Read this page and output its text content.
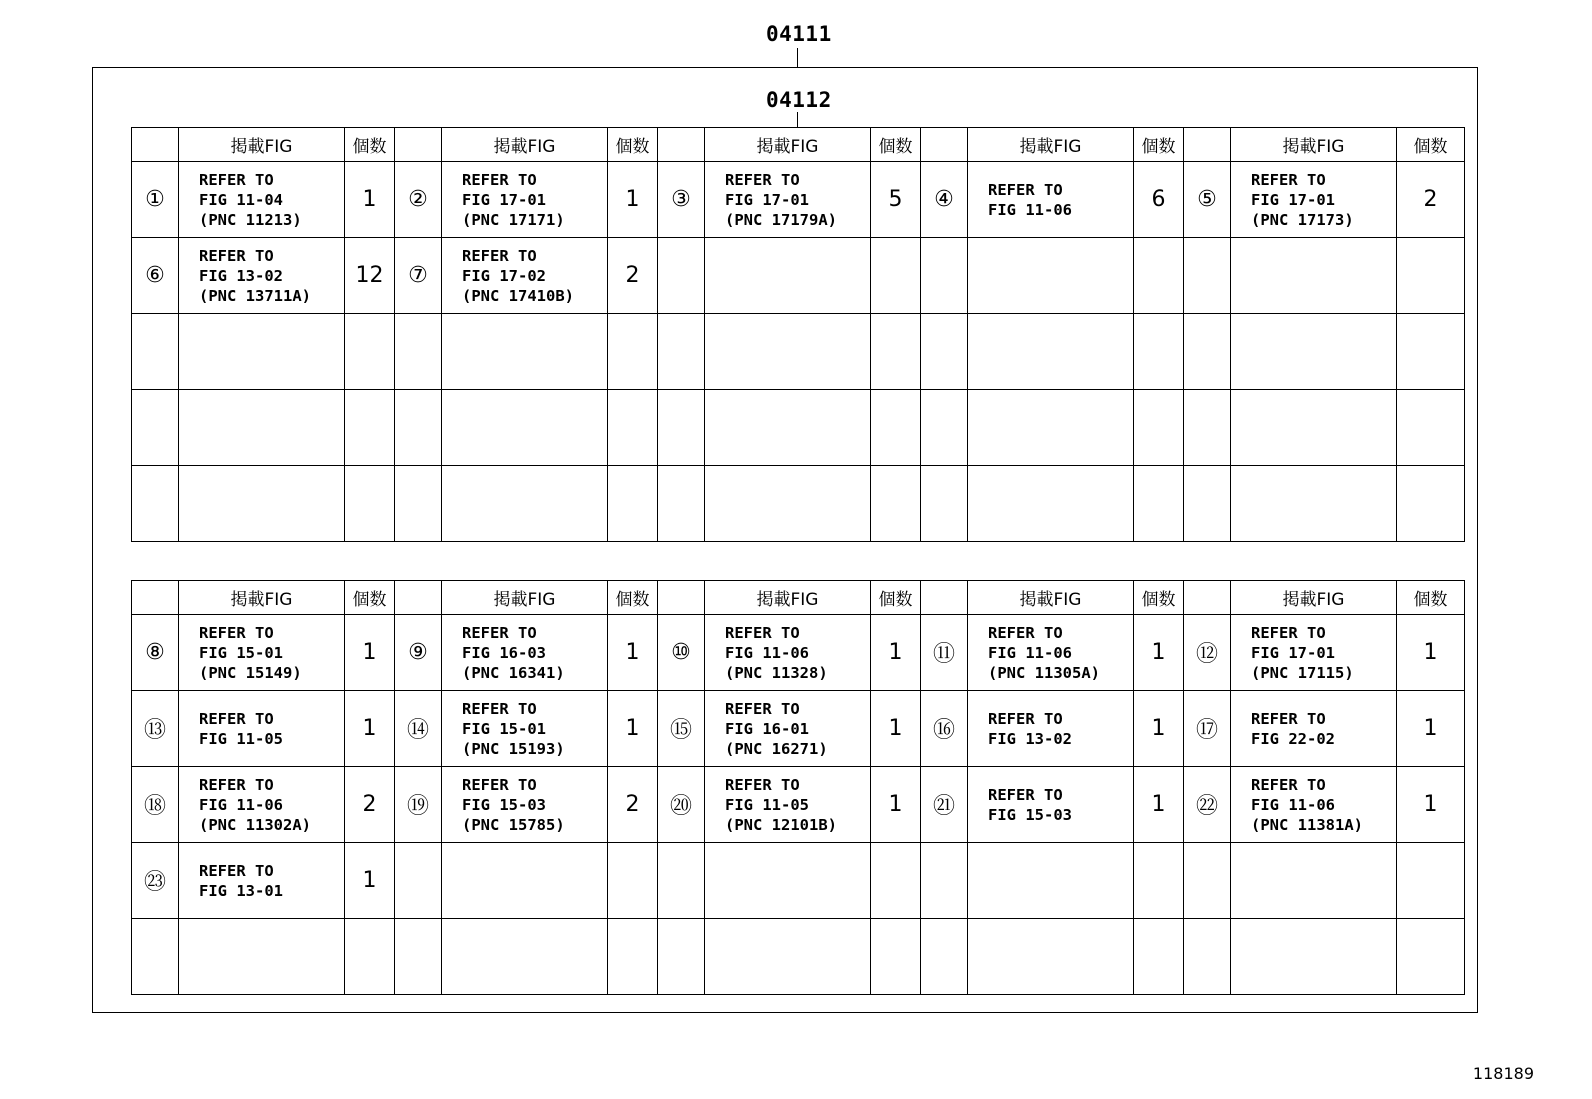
04111
04112
	掲載FIG	個数		掲載FIG	個数		掲載FIG	個数		掲載FIG	個数		掲載FIG	個数
①	REFER TO
FIG 11-04
(PNC 11213)	1	②	REFER TO
FIG 17-01
(PNC 17171)	1	③	REFER TO
FIG 17-01
(PNC 17179A)	5	④	REFER TO
FIG 11-06	6	⑤	REFER TO
FIG 17-01
(PNC 17173)	2
⑥	REFER TO
FIG 13-02
(PNC 13711A)	12	⑦	REFER TO
FIG 17-02
(PNC 17410B)	2		

	掲載FIG	個数		掲載FIG	個数		掲載FIG	個数		掲載FIG	個数		掲載FIG	個数
⑧	REFER TO
FIG 15-01
(PNC 15149)	1	⑨	REFER TO
FIG 16-03
(PNC 16341)	1	⑩	REFER TO
FIG 11-06
(PNC 11328)	1	⑪	REFER TO
FIG 11-06
(PNC 11305A)	1	⑫	REFER TO
FIG 17-01
(PNC 17115)	1
⑬	REFER TO
FIG 11-05	1	⑭	REFER TO
FIG 15-01
(PNC 15193)	1	⑮	REFER TO
FIG 16-01
(PNC 16271)	1	⑯	REFER TO
FIG 13-02	1	⑰	REFER TO
FIG 22-02	1
⑱	REFER TO
FIG 11-06
(PNC 11302A)	2	⑲	REFER TO
FIG 15-03
(PNC 15785)	2	⑳	REFER TO
FIG 11-05
(PNC 12101B)	1	㉑	REFER TO
FIG 15-03	1	㉒	REFER TO
FIG 11-06
(PNC 11381A)	1
㉓	REFER TO
FIG 13-01	1		

118189
